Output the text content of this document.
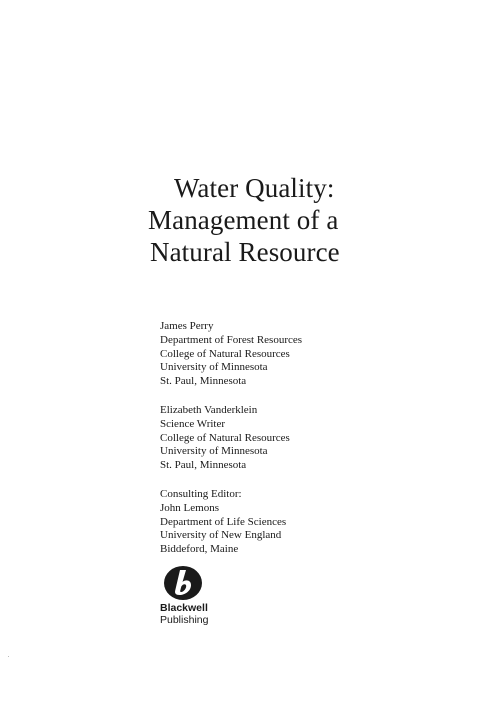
Water Quality:
Management of a
Natural Resource
James Perry
Department of Forest Resources
College of Natural Resources
University of Minnesota
St. Paul, Minnesota
Elizabeth Vanderklein
Science Writer
College of Natural Resources
University of Minnesota
St. Paul, Minnesota
Consulting Editor:
John Lemons
Department of Life Sciences
University of New England
Biddeford, Maine
Blackwell
Publishing
